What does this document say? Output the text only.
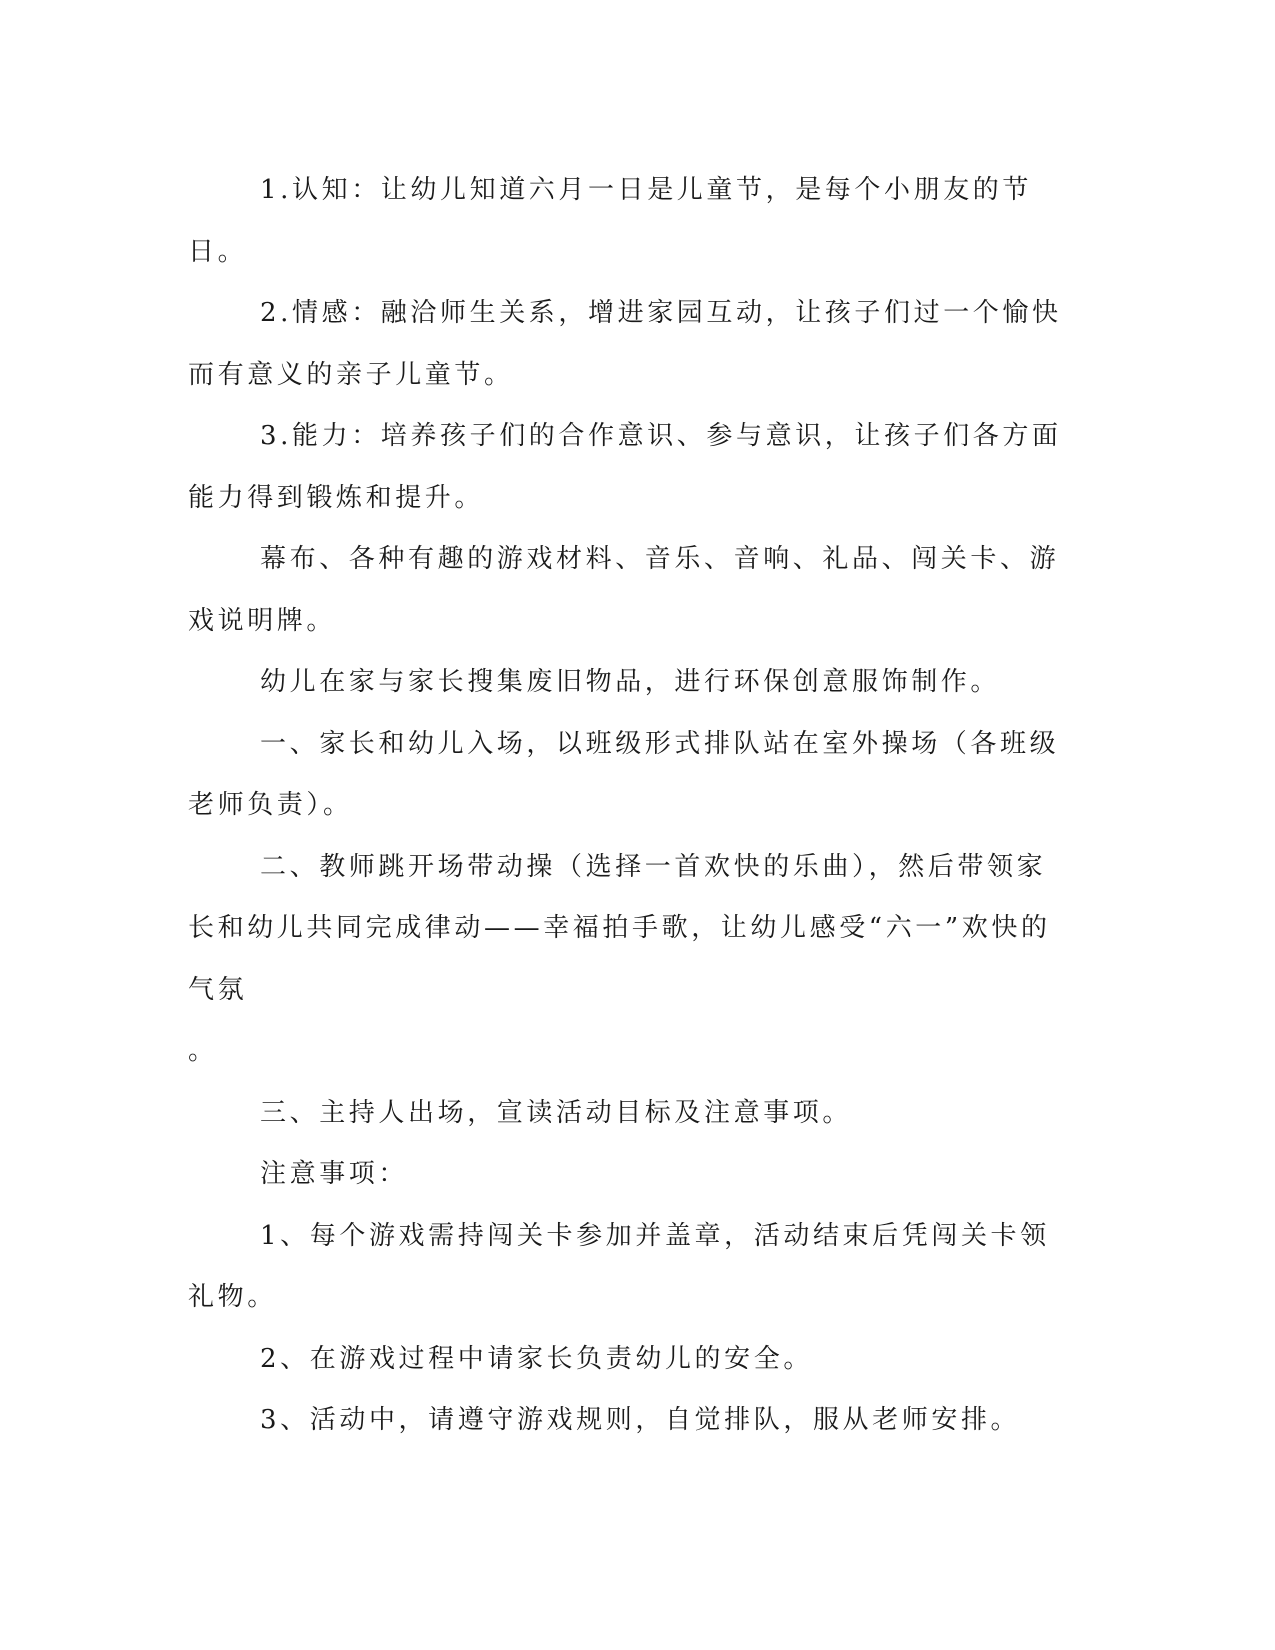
1.认知：让幼儿知道六月一日是儿童节，是每个小朋友的节日。

2.情感：融洽师生关系，增进家园互动，让孩子们过一个愉快而有意义的亲子儿童节。

3.能力：培养孩子们的合作意识、参与意识，让孩子们各方面能力得到锻炼和提升。

幕布、各种有趣的游戏材料、音乐、音响、礼品、闯关卡、游戏说明牌。

幼儿在家与家长搜集废旧物品，进行环保创意服饰制作。

一、家长和幼儿入场，以班级形式排队站在室外操场（各班级老师负责）。

二、教师跳开场带动操（选择一首欢快的乐曲），然后带领家长和幼儿共同完成律动——幸福拍手歌，让幼儿感受“六一”欢快的气氛

。

三、主持人出场，宣读活动目标及注意事项。

注意事项：

1、每个游戏需持闯关卡参加并盖章，活动结束后凭闯关卡领礼物。

2、在游戏过程中请家长负责幼儿的安全。

3、活动中，请遵守游戏规则，自觉排队，服从老师安排。
